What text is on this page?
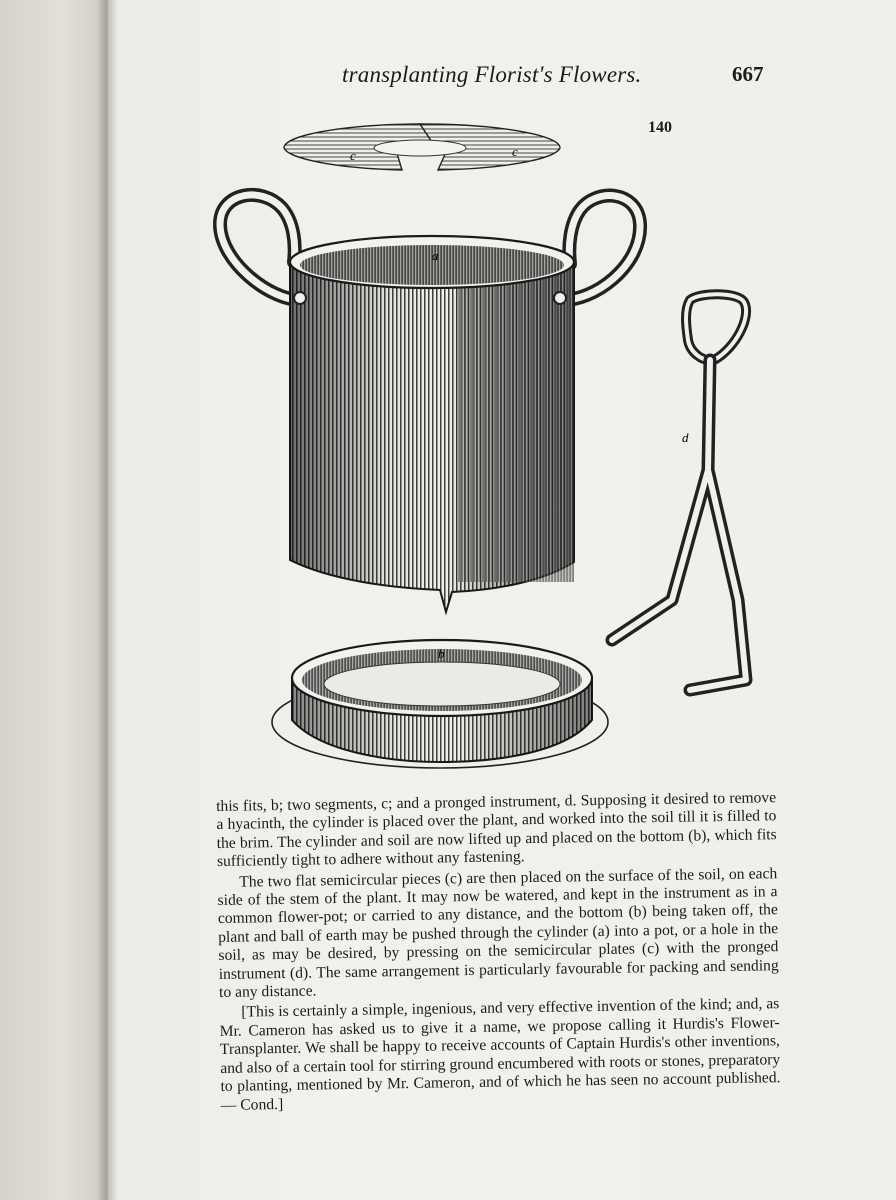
transplanting Florist's Flowers.	667
140
c	c
a
b
d

this fits, b; two segments, c; and a pronged instrument, d. Supposing it desired to remove a hyacinth, the cylinder is placed over the plant, and worked into the soil till it is filled to the brim. The cylinder and soil are now lifted up and placed on the bottom (b), which fits sufficiently tight to adhere without any fastening.

The two flat semicircular pieces (c) are then placed on the surface of the soil, on each side of the stem of the plant. It may now be watered, and kept in the instrument as in a common flower-pot; or carried to any distance, and the bottom (b) being taken off, the plant and ball of earth may be pushed through the cylinder (a) into a pot, or a hole in the soil, as may be desired, by pressing on the semicircular plates (c) with the pronged instrument (d). The same arrangement is particularly favourable for packing and sending to any distance.

[This is certainly a simple, ingenious, and very effective invention of the kind; and, as Mr. Cameron has asked us to give it a name, we propose calling it Hurdis's Flower-Transplanter. We shall be happy to receive accounts of Captain Hurdis's other inventions, and also of a certain tool for stirring ground encumbered with roots or stones, preparatory to planting, mentioned by Mr. Cameron, and of which he has seen no account published. — Cond.]
